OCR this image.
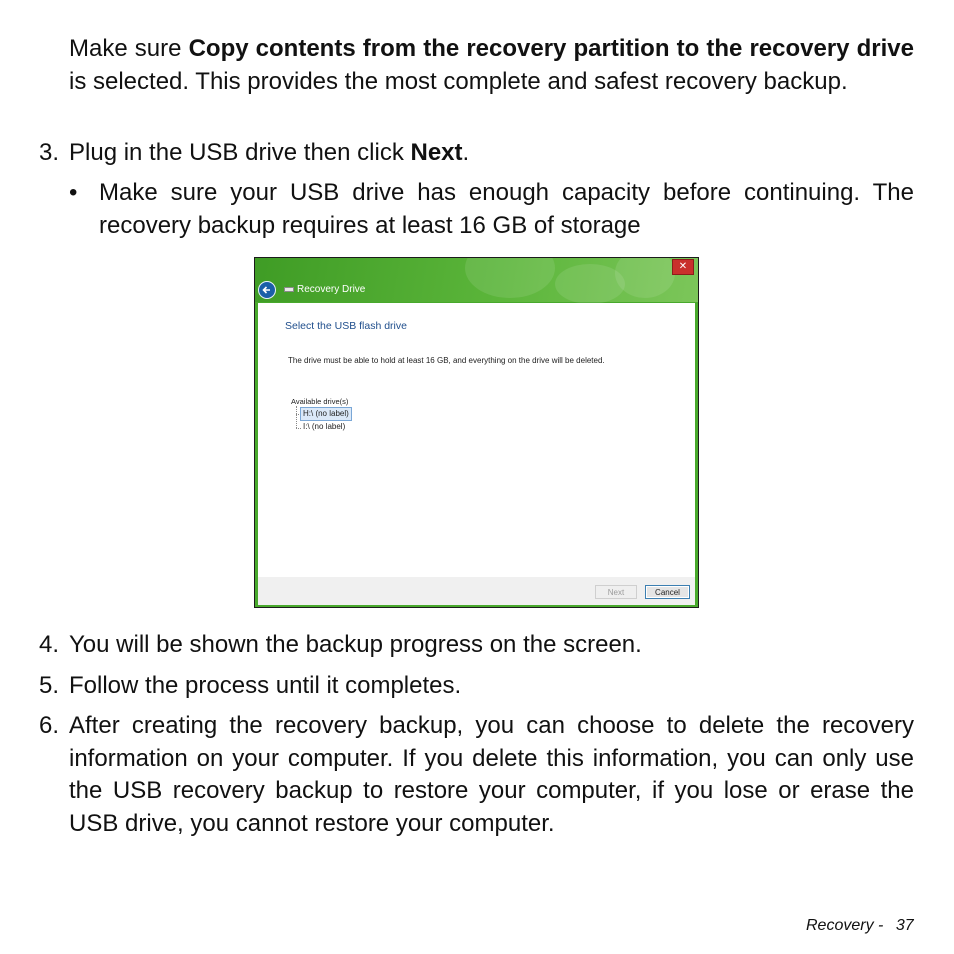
Make sure Copy contents from the recovery partition to the recovery drive is selected. This provides the most complete and safest recovery backup.

3. Plug in the USB drive then click Next.

• Make sure your USB drive has enough capacity before continuing. The recovery backup requires at least 16 GB of storage

✕
Recovery Drive
Select the USB flash drive
The drive must be able to hold at least 16 GB, and everything on the drive will be deleted.
Available drive(s)
H:\ (no label)
I:\ (no label)
Next	Cancel
4. You will be shown the backup progress on the screen.

5. Follow the process until it completes.

6. After creating the recovery backup, you can choose to delete the recovery information on your computer. If you delete this information, you can only use the USB recovery backup to restore your computer, if you lose or erase the USB drive, you cannot restore your computer.

Recovery - 37
